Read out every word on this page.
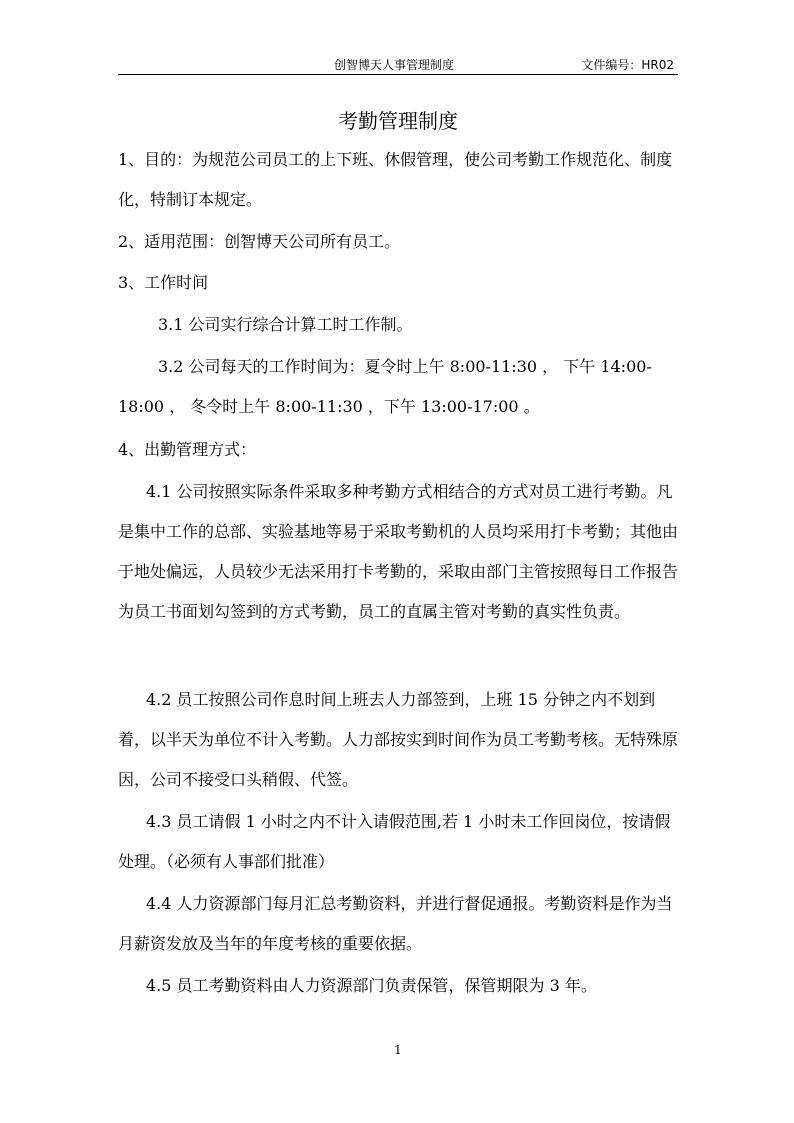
创智博天人事管理制度	文件编号：HR02
考勤管理制度
1、目的：为规范公司员工的上下班、休假管理，使公司考勤工作规范化、制度化，特制订本规定。
2、适用范围：创智博天公司所有员工。
3、工作时间
3.1 公司实行综合计算工时工作制。
3.2 公司每天的工作时间为：夏令时上午 8:00-11:30 ， 下午 14:00-18:00 ， 冬令时上午 8:00-11:30 ，下午 13:00-17:00 。
4、出勤管理方式：
4.1 公司按照实际条件采取多种考勤方式相结合的方式对员工进行考勤。凡是集中工作的总部、实验基地等易于采取考勤机的人员均采用打卡考勤；其他由于地处偏远，人员较少无法采用打卡考勤的，采取由部门主管按照每日工作报告为员工书面划勾签到的方式考勤，员工的直属主管对考勤的真实性负责。
4.2 员工按照公司作息时间上班去人力部签到，上班 15 分钟之内不划到着，以半天为单位不计入考勤。人力部按实到时间作为员工考勤考核。无特殊原因，公司不接受口头稍假、代签。
4.3 员工请假 1 小时之内不计入请假范围,若 1 小时未工作回岗位，按请假处理。（必须有人事部们批准）
4.4 人力资源部门每月汇总考勤资料，并进行督促通报。考勤资料是作为当月薪资发放及当年的年度考核的重要依据。
4.5 员工考勤资料由人力资源部门负责保管，保管期限为 3 年。
1
